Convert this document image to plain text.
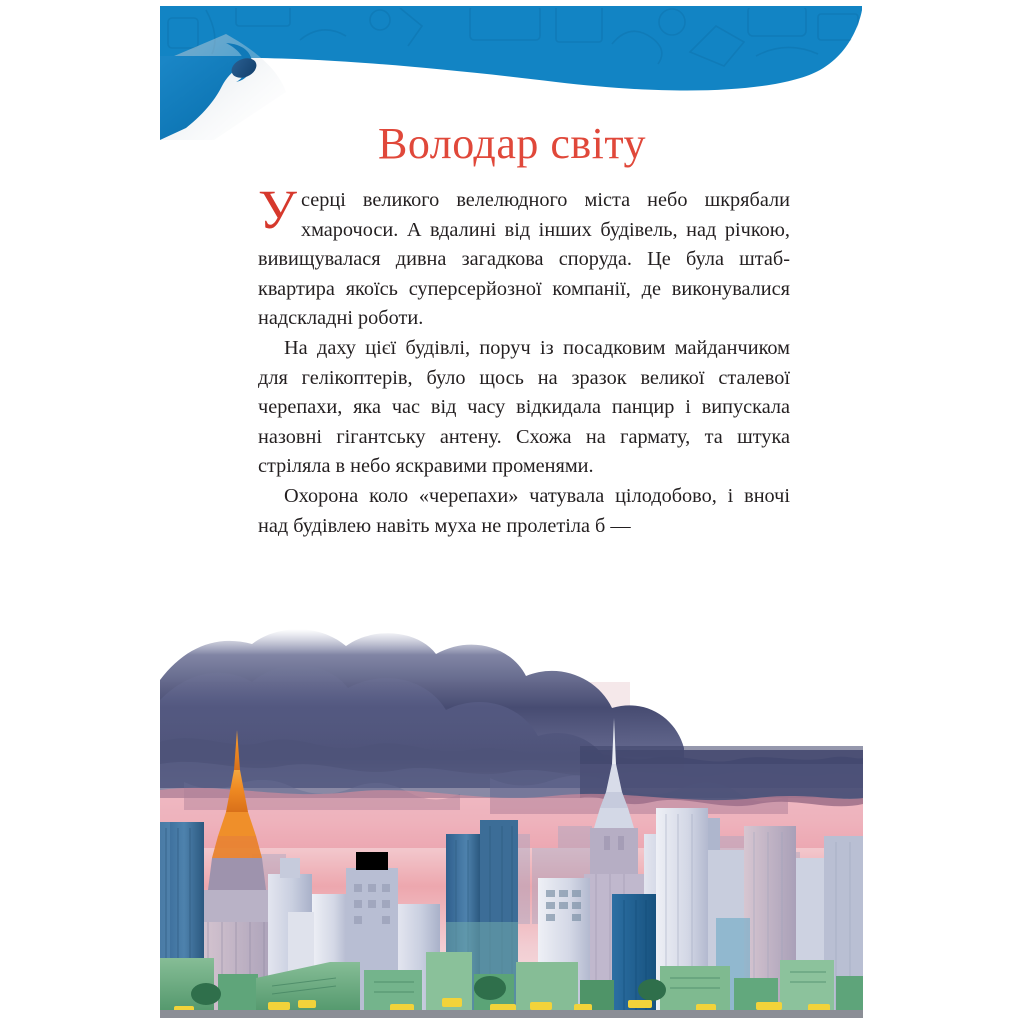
Володар світу

Усерці великого велелюдного міста небо шкрябали хмарочоси. А вдалині від інших будівель, над річкою, вивищувалася дивна загадкова споруда. Це була штаб-квартира якоїсь суперсерйозної компанії, де виконувалися надскладні роботи.

На даху цієї будівлі, поруч із посадковим майданчиком для гелікоптерів, було щось на зразок великої сталевої черепахи, яка час від часу відкидала панцир і випускала назовні гігантську антену. Схожа на гармату, та штука стріляла в небо яскравими променями.

Охорона коло «черепахи» чатувала цілодобово, і вночі над будівлею навіть муха не пролетіла б —
